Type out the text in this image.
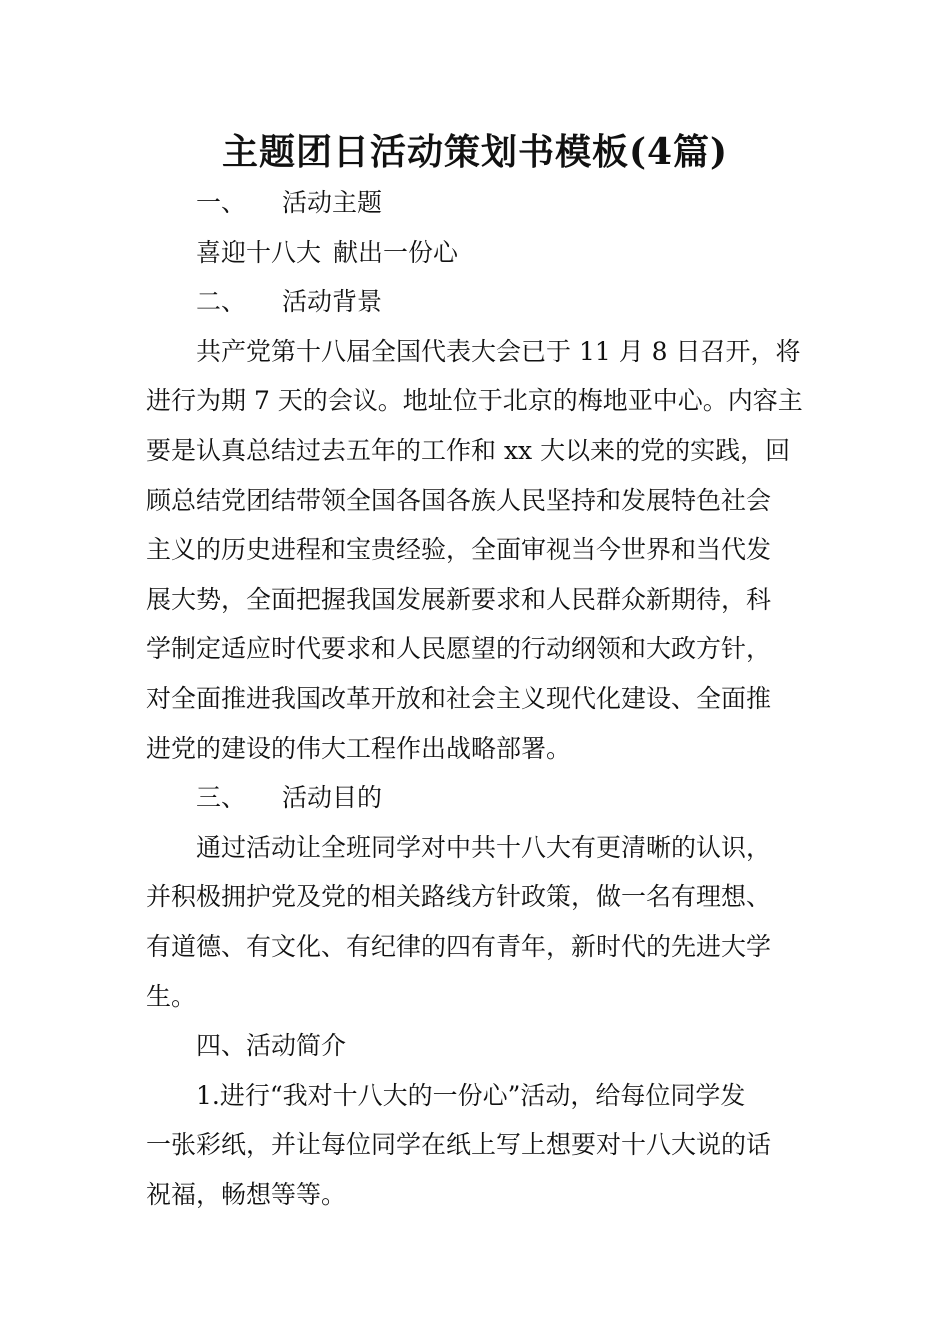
主题团日活动策划书模板(4篇)
一、 活动主题
喜迎十八大 献出一份心
二、 活动背景
共产党第十八届全国代表大会已于 11 月 8 日召开，将
进行为期 7 天的会议。地址位于北京的梅地亚中心。内容主
要是认真总结过去五年的工作和 xx 大以来的党的实践，回
顾总结党团结带领全国各国各族人民坚持和发展特色社会
主义的历史进程和宝贵经验，全面审视当今世界和当代发
展大势，全面把握我国发展新要求和人民群众新期待，科
学制定适应时代要求和人民愿望的行动纲领和大政方针，
对全面推进我国改革开放和社会主义现代化建设、全面推
进党的建设的伟大工程作出战略部署。
三、 活动目的
通过活动让全班同学对中共十八大有更清晰的认识，
并积极拥护党及党的相关路线方针政策，做一名有理想、
有道德、有文化、有纪律的四有青年，新时代的先进大学
生。
四、活动简介
1.进行“我对十八大的一份心”活动，给每位同学发
一张彩纸，并让每位同学在纸上写上想要对十八大说的话
祝福，畅想等等。
